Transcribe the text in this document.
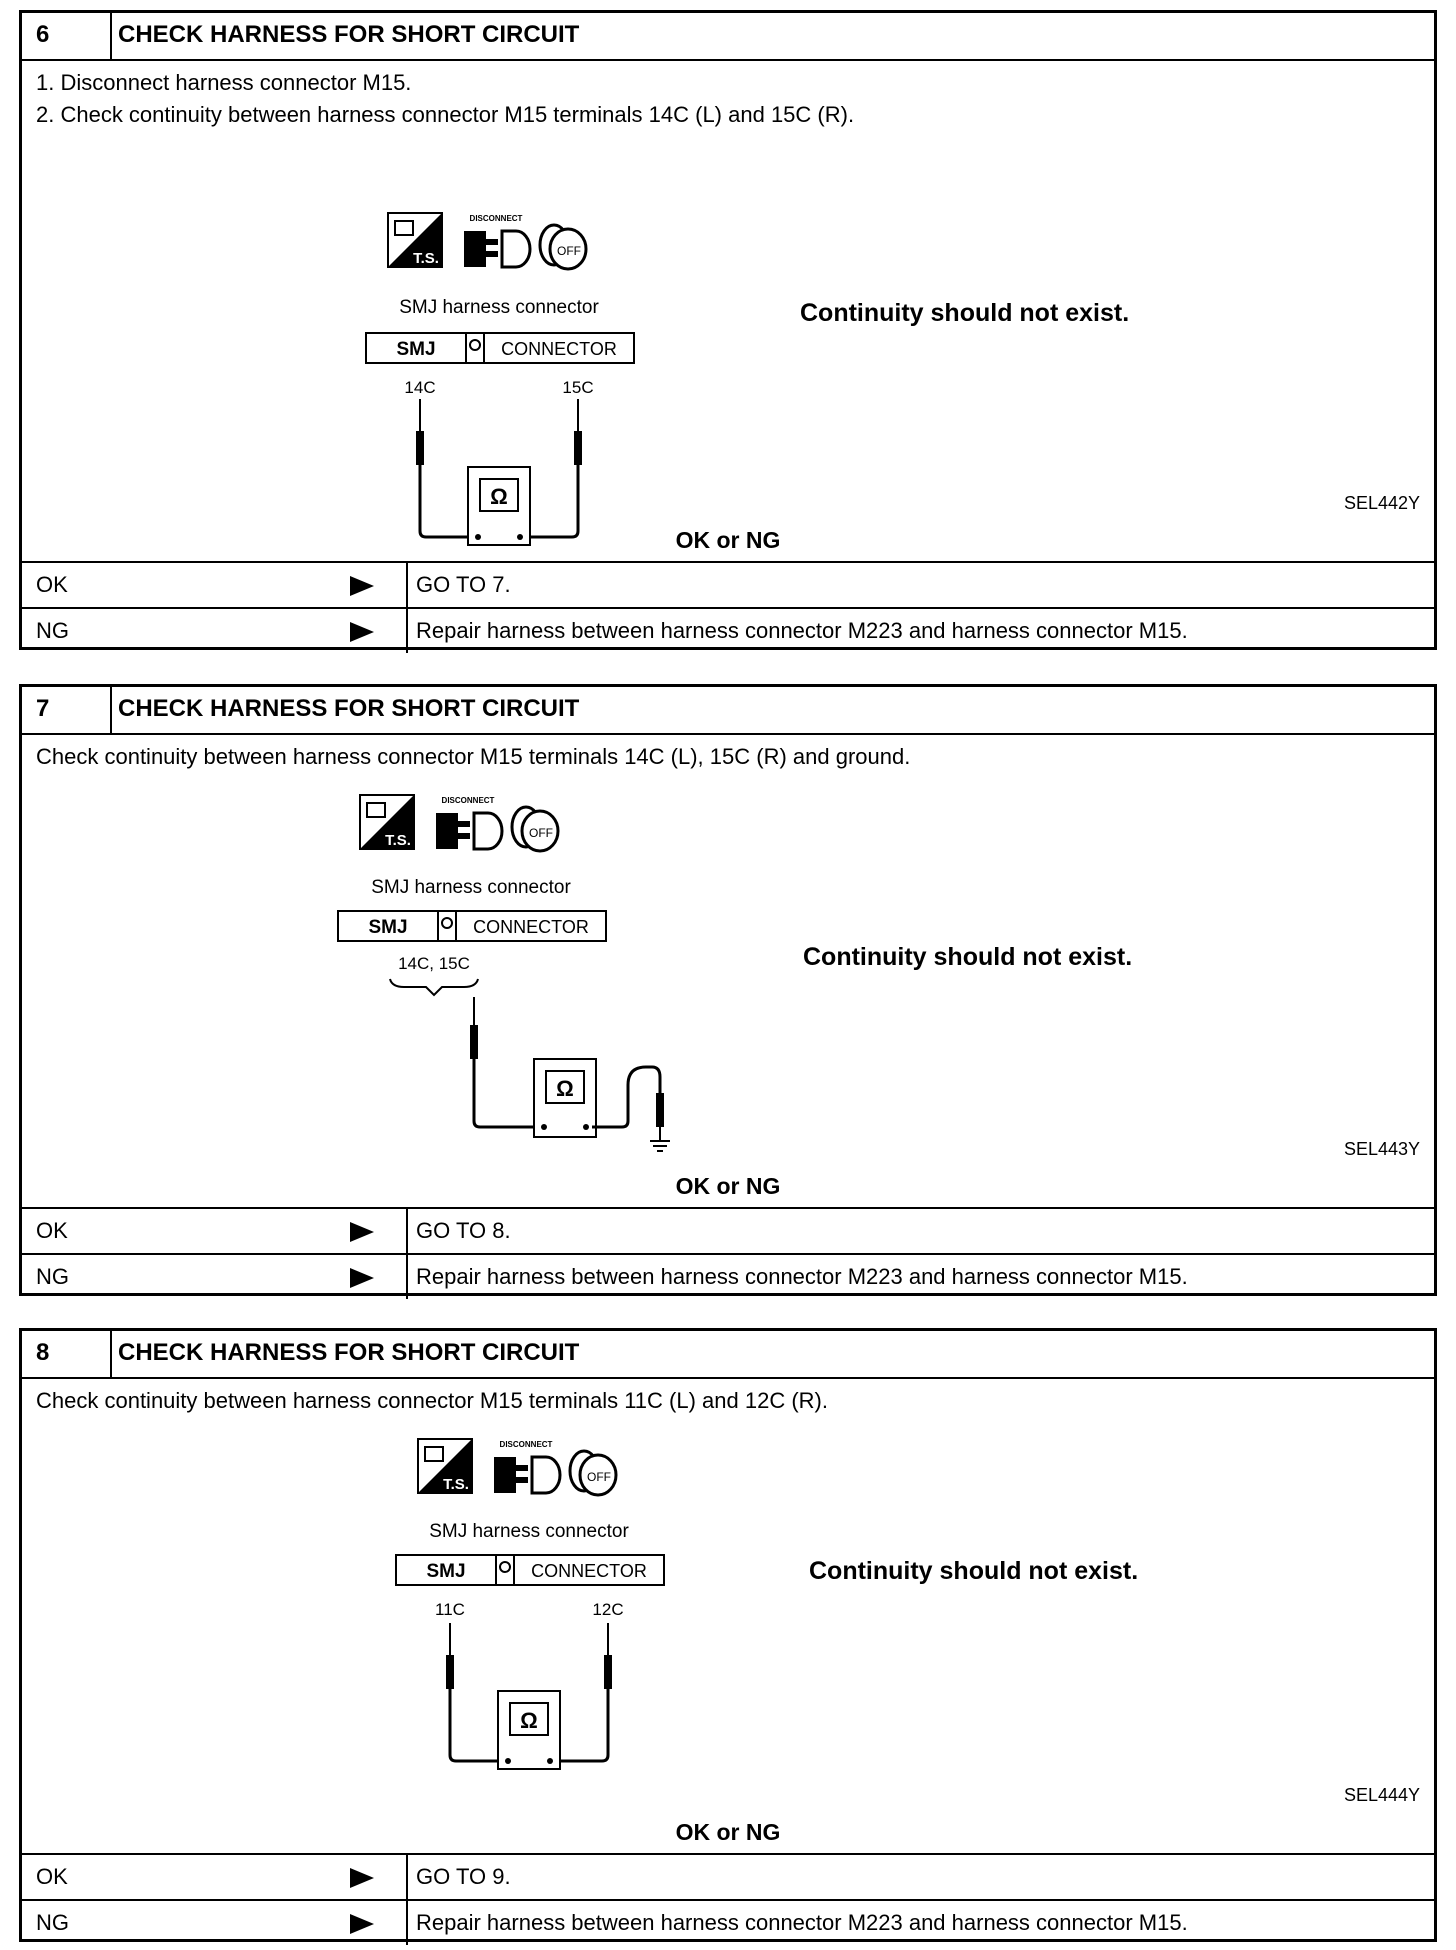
6	CHECK HARNESS FOR SHORT CIRCUIT
1. Disconnect harness connector M15.
2. Check continuity between harness connector M15 terminals 14C (L) and 15C (R).
T.S.
DISCONNECT
OFF
SMJ harness connector
SMJ	CONNECTOR
14C	15C
Ω
Continuity should not exist.
SEL442Y
OK or NG
OK	GO TO 7.
NG	Repair harness between harness connector M223 and harness connector M15.
7	CHECK HARNESS FOR SHORT CIRCUIT
Check continuity between harness connector M15 terminals 14C (L), 15C (R) and ground.
T.S.
DISCONNECT
OFF
SMJ harness connector
SMJ	CONNECTOR
14C, 15C
Ω
Continuity should not exist.
SEL443Y
OK or NG
OK	GO TO 8.
NG	Repair harness between harness connector M223 and harness connector M15.
8	CHECK HARNESS FOR SHORT CIRCUIT
Check continuity between harness connector M15 terminals 11C (L) and 12C (R).
T.S.
DISCONNECT
OFF
SMJ harness connector
SMJ	CONNECTOR
11C	12C
Ω
Continuity should not exist.
SEL444Y
OK or NG
OK	GO TO 9.
NG	Repair harness between harness connector M223 and harness connector M15.
